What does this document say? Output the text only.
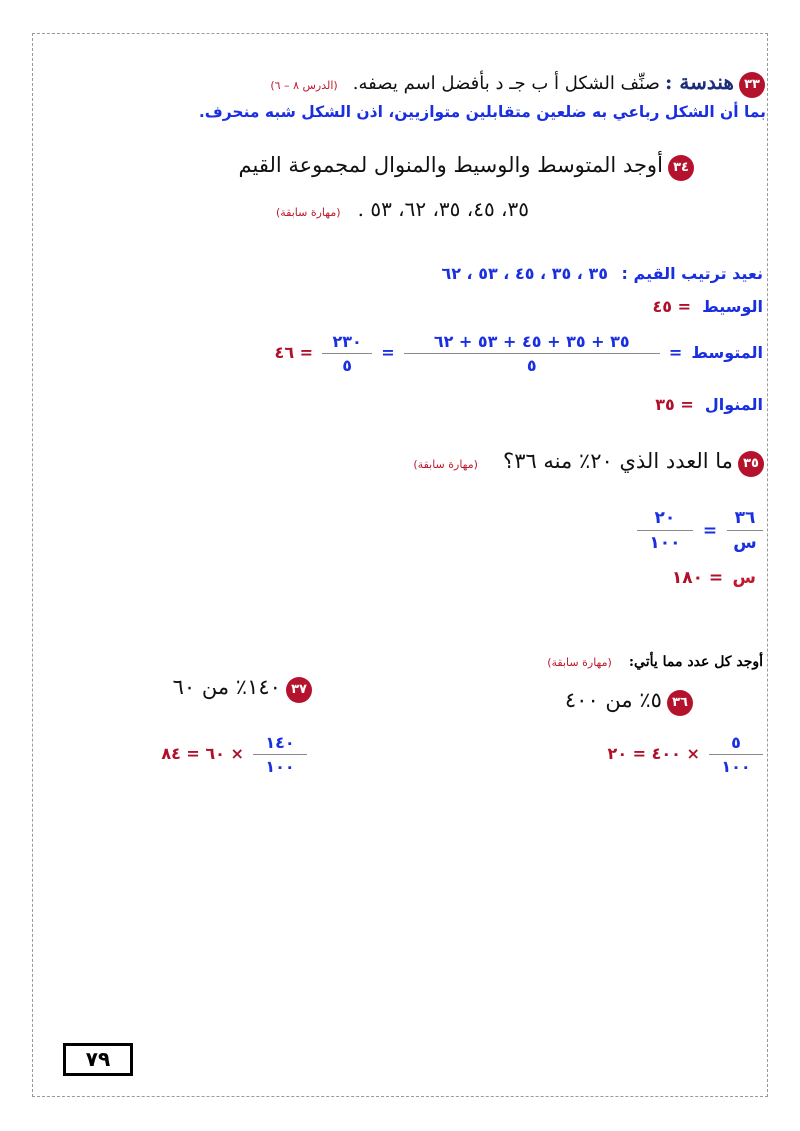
٣٣ هندسة : صنِّف الشكل أ ب جـ د بأفضل اسم يصفه. (الدرس ٨ – ٦)
بما أن الشكل رباعي به ضلعين متقابلين متوازيين، اذن الشكل شبه منحرف.
٣٤ أوجد المتوسط والوسيط والمنوال لمجموعة القيم
٣٥، ٤٥، ٣٥، ٦٢، ٥٣ . (مهارة سابقة)
نعيد ترتيب القيم : ٣٥ ، ٣٥ ، ٤٥ ، ٥٣ ، ٦٢
الوسيط = ٤٥
المتوسط =
$\frac{٣٥ + ٣٥ + ٤٥ + ٥٣ + ٦٢}{٥}$
=
$\frac{٢٣٠}{٥}$
= ٤٦
المنوال = ٣٥
٣٥ ما العدد الذي ٢٠٪ منه ٣٦؟ (مهارة سابقة)
$\frac{٣٦}{\text{س}}$
=
$\frac{٢٠}{١٠٠}$
س = ١٨٠
أوجد كل عدد مما يأتي: (مهارة سابقة)
٣٦ ٥٪ من ٤٠٠
$\frac{٥}{١٠٠}$
× ٤٠٠ = ٢٠
٣٧ ١٤٠٪ من ٦٠
$\frac{١٤٠}{١٠٠}$
× ٦٠ = ٨٤
٧٩
